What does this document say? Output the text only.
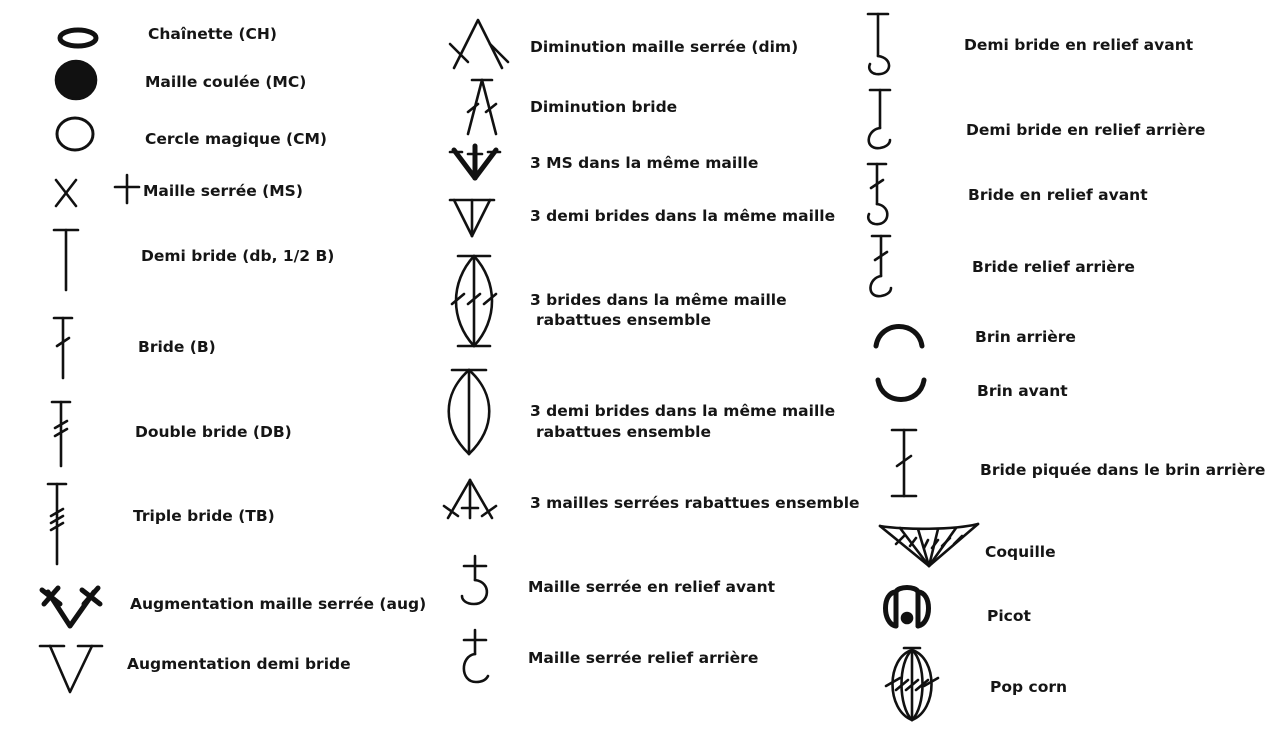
Chaînette (CH)
Maille coulée (MC)
Cercle magique (CM)
Maille serrée (MS)
Demi bride (db, 1/2 B)
Bride (B)
Double bride (DB)
Triple bride (TB)
Augmentation maille serrée (aug)
Augmentation demi bride
Diminution maille serrée (dim)
Diminution bride
3 MS dans la même maille
3 demi brides dans la même maille
3 brides dans la même maille
rabattues ensemble
3 demi brides dans la même maille
rabattues ensemble
3 mailles serrées rabattues ensemble
Maille serrée en relief avant
Maille serrée relief arrière
Demi bride en relief avant
Demi bride en relief arrière
Bride en relief avant
Bride relief arrière
Brin arrière
Brin avant
Bride piquée dans le brin arrière
Coquille
Picot
Pop corn
